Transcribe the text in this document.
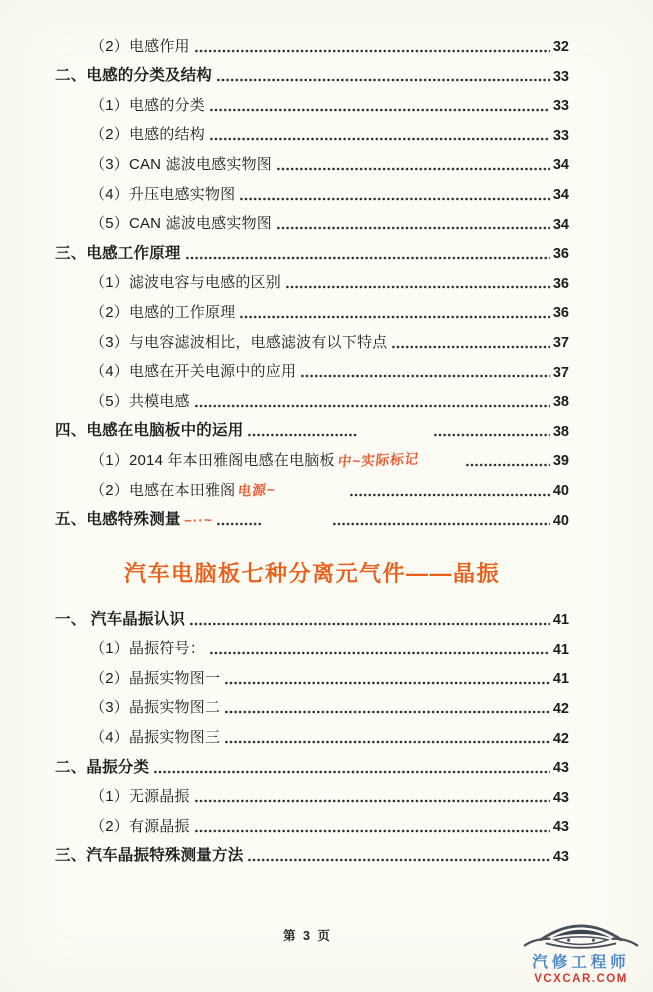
（2）电感作用	32
二、电感的分类及结构	33
（1）电感的分类	33
（2）电感的结构	33
（3）CAN 滤波电感实物图	34
（4）升压电感实物图	34
（5）CAN 滤波电感实物图	34
三、电感工作原理	36
（1）滤波电容与电感的区别	36
（2）电感的工作原理	36
（3）与电容滤波相比，电感滤波有以下特点	37
（4）电感在开关电源中的应用	37
（5）共模电感	38
四、电感在电脑板中的运用	38
（1）2014 年本田雅阁电感在电脑板 中~实际标记	39
（2）电感在本田雅阁 电源~	40
五、电感特殊测量 ~··~	40
汽车电脑板七种分离元气件——晶振
一、 汽车晶振认识	41
（1）晶振符号：	41
（2）晶振实物图一	41
（3）晶振实物图二	42
（4）晶振实物图三	42
二、晶振分类	43
（1）无源晶振	43
（2）有源晶振	43
三、汽车晶振特殊测量方法	43
第 3 页
汽修工程师
VCXCAR.COM
